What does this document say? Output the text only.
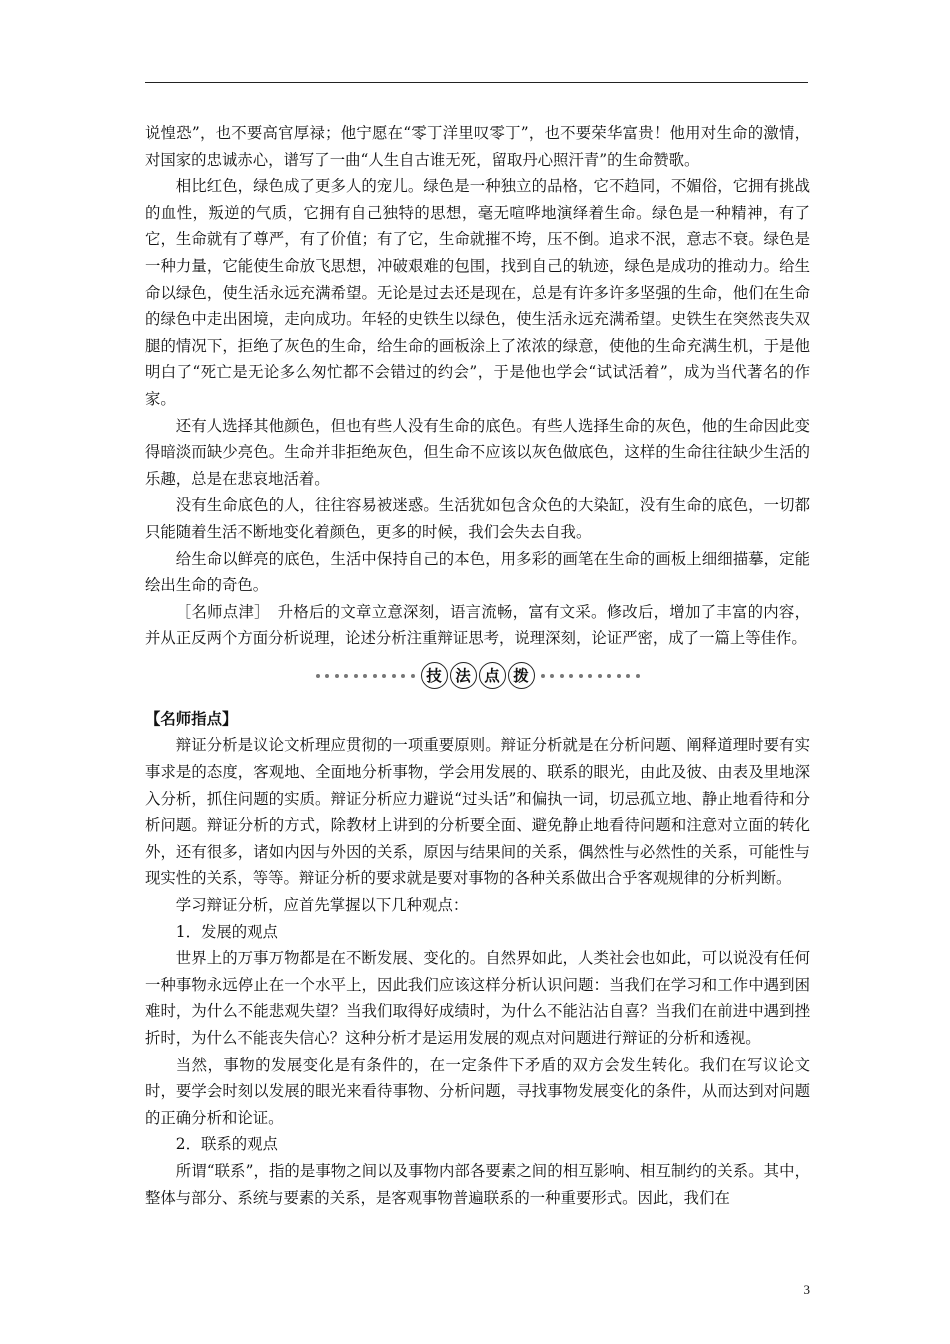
说惶恐”，也不要高官厚禄；他宁愿在“零丁洋里叹零丁”，也不要荣华富贵！他用对生命的激情，对国家的忠诚赤心，谱写了一曲“人生自古谁无死，留取丹心照汗青”的生命赞歌。

相比红色，绿色成了更多人的宠儿。绿色是一种独立的品格，它不趋同，不媚俗，它拥有挑战的血性，叛逆的气质，它拥有自己独特的思想，毫无喧哗地演绎着生命。绿色是一种精神，有了它，生命就有了尊严，有了价值；有了它，生命就摧不垮，压不倒。追求不泯，意志不衰。绿色是一种力量，它能使生命放飞思想，冲破艰难的包围，找到自己的轨迹，绿色是成功的推动力。给生命以绿色，使生活永远充满希望。无论是过去还是现在，总是有许多许多坚强的生命，他们在生命的绿色中走出困境，走向成功。年轻的史铁生以绿色，使生活永远充满希望。史铁生在突然丧失双腿的情况下，拒绝了灰色的生命，给生命的画板涂上了浓浓的绿意，使他的生命充满生机，于是他明白了“死亡是无论多么匆忙都不会错过的约会”，于是他也学会“试试活着”，成为当代著名的作家。

还有人选择其他颜色，但也有些人没有生命的底色。有些人选择生命的灰色，他的生命因此变得暗淡而缺少亮色。生命并非拒绝灰色，但生命不应该以灰色做底色，这样的生命往往缺少生活的乐趣，总是在悲哀地活着。

没有生命底色的人，往往容易被迷惑。生活犹如包含众色的大染缸，没有生命的底色，一切都只能随着生活不断地变化着颜色，更多的时候，我们会失去自我。

给生命以鲜亮的底色，生活中保持自己的本色，用多彩的画笔在生命的画板上细细描摹，定能绘出生命的奇色。

［名师点津］　升格后的文章立意深刻，语言流畅，富有文采。修改后，增加了丰富的内容，并从正反两个方面分析说理，论述分析注重辩证思考，说理深刻，论证严密，成了一篇上等佳作。

技 法 点 拨

【名师指点】

辩证分析是议论文析理应贯彻的一项重要原则。辩证分析就是在分析问题、阐释道理时要有实事求是的态度，客观地、全面地分析事物，学会用发展的、联系的眼光，由此及彼、由表及里地深入分析，抓住问题的实质。辩证分析应力避说“过头话”和偏执一词，切忌孤立地、静止地看待和分析问题。辩证分析的方式，除教材上讲到的分析要全面、避免静止地看待问题和注意对立面的转化外，还有很多，诸如内因与外因的关系，原因与结果间的关系，偶然性与必然性的关系，可能性与现实性的关系，等等。辩证分析的要求就是要对事物的各种关系做出合乎客观规律的分析判断。

学习辩证分析，应首先掌握以下几种观点：

1．发展的观点

世界上的万事万物都是在不断发展、变化的。自然界如此，人类社会也如此，可以说没有任何一种事物永远停止在一个水平上，因此我们应该这样分析认识问题：当我们在学习和工作中遇到困难时，为什么不能悲观失望？当我们取得好成绩时，为什么不能沾沾自喜？当我们在前进中遇到挫折时，为什么不能丧失信心？这种分析才是运用发展的观点对问题进行辩证的分析和透视。

当然，事物的发展变化是有条件的，在一定条件下矛盾的双方会发生转化。我们在写议论文时，要学会时刻以发展的眼光来看待事物、分析问题，寻找事物发展变化的条件，从而达到对问题的正确分析和论证。

2．联系的观点

所谓“联系”，指的是事物之间以及事物内部各要素之间的相互影响、相互制约的关系。其中，整体与部分、系统与要素的关系，是客观事物普遍联系的一种重要形式。因此，我们在

3
